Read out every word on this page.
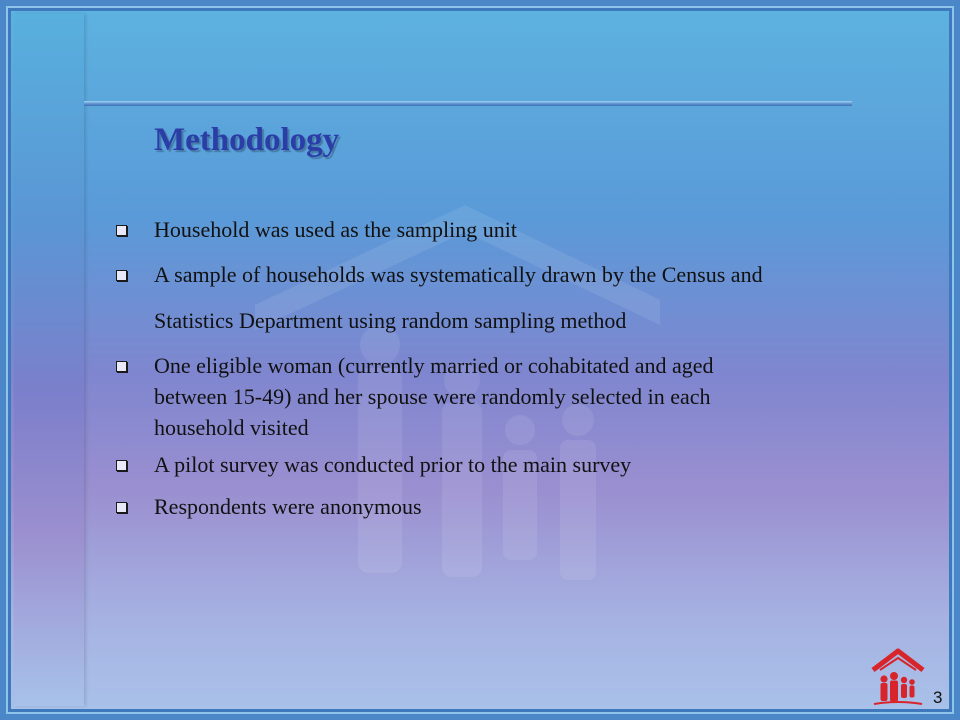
Methodology
Household was used as the sampling unit
A sample of households was systematically drawn by the Census and
Statistics Department using random sampling method
One eligible woman (currently married or cohabitated and aged
between 15-49) and her spouse were randomly selected in each
household visited
A pilot survey was conducted prior to the main survey
Respondents were anonymous
3
